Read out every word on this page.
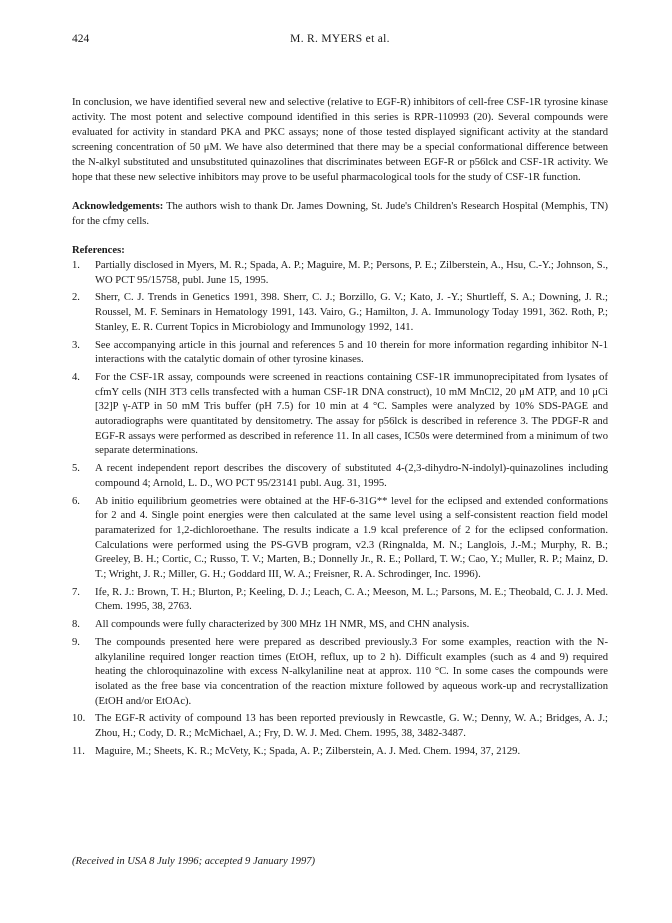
424	M. R. MYERS et al.

In conclusion, we have identified several new and selective (relative to EGF-R) inhibitors of cell-free CSF-1R tyrosine kinase activity. The most potent and selective compound identified in this series is RPR-110993 (20). Several compounds were evaluated for activity in standard PKA and PKC assays; none of those tested displayed significant activity at the standard screening concentration of 50 μM. We have also determined that there may be a special conformational difference between the N-alkyl substituted and unsubstituted quinazolines that discriminates between EGF-R or p56lck and CSF-1R activity. We hope that these new selective inhibitors may prove to be useful pharmacological tools for the study of CSF-1R function.

Acknowledgements: The authors wish to thank Dr. James Downing, St. Jude's Children's Research Hospital (Memphis, TN) for the cfmy cells.

References:
1. Partially disclosed in Myers, M. R.; Spada, A. P.; Maguire, M. P.; Persons, P. E.; Zilberstein, A., Hsu, C.-Y.; Johnson, S., WO PCT 95/15758, publ. June 15, 1995.
2. Sherr, C. J. Trends in Genetics 1991, 398. Sherr, C. J.; Borzillo, G. V.; Kato, J. -Y.; Shurtleff, S. A.; Downing, J. R.; Roussel, M. F. Seminars in Hematology 1991, 143. Vairo, G.; Hamilton, J. A. Immunology Today 1991, 362. Roth, P.; Stanley, E. R. Current Topics in Microbiology and Immunology 1992, 141.
3. See accompanying article in this journal and references 5 and 10 therein for more information regarding inhibitor N-1 interactions with the catalytic domain of other tyrosine kinases.
4. For the CSF-1R assay, compounds were screened in reactions containing CSF-1R immunoprecipitated from lysates of cfmY cells (NIH 3T3 cells transfected with a human CSF-1R DNA construct), 10 mM MnCl2, 20 μM ATP, and 10 μCi [32]P γ-ATP in 50 mM Tris buffer (pH 7.5) for 10 min at 4 °C. Samples were analyzed by 10% SDS-PAGE and autoradiographs were quantitated by densitometry. The assay for p56lck is described in reference 3. The PDGF-R and EGF-R assays were performed as described in reference 11. In all cases, IC50s were determined from a minimum of two separate determinations.
5. A recent independent report describes the discovery of substituted 4-(2,3-dihydro-N-indolyl)-quinazolines including compound 4; Arnold, L. D., WO PCT 95/23141 publ. Aug. 31, 1995.
6. Ab initio equilibrium geometries were obtained at the HF-6-31G** level for the eclipsed and extended conformations for 2 and 4. Single point energies were then calculated at the same level using a self-consistent reaction field model paramaterized for 1,2-dichloroethane. The results indicate a 1.9 kcal preference of 2 for the eclipsed conformation. Calculations were performed using the PS-GVB program, v2.3 (Ringnalda, M. N.; Langlois, J.-M.; Murphy, R. B.; Greeley, B. H.; Cortic, C.; Russo, T. V.; Marten, B.; Donnelly Jr., R. E.; Pollard, T. W.; Cao, Y.; Muller, R. P.; Mainz, D. T.; Wright, J. R.; Miller, G. H.; Goddard III, W. A.; Freisner, R. A. Schrodinger, Inc. 1996).
7. Ife, R. J.: Brown, T. H.; Blurton, P.; Keeling, D. J.; Leach, C. A.; Meeson, M. L.; Parsons, M. E.; Theobald, C. J. J. Med. Chem. 1995, 38, 2763.
8. All compounds were fully characterized by 300 MHz 1H NMR, MS, and CHN analysis.
9. The compounds presented here were prepared as described previously.3 For some examples, reaction with the N-alkylaniline required longer reaction times (EtOH, reflux, up to 2 h). Difficult examples (such as 4 and 9) required heating the chloroquinazoline with excess N-alkylaniline neat at approx. 110 °C. In some cases the compounds were isolated as the free base via concentration of the reaction mixture followed by aqueous work-up and recrystallization (EtOH and/or EtOAc).
10. The EGF-R activity of compound 13 has been reported previously in Rewcastle, G. W.; Denny, W. A.; Bridges, A. J.; Zhou, H.; Cody, D. R.; McMichael, A.; Fry, D. W. J. Med. Chem. 1995, 38, 3482-3487.
11. Maguire, M.; Sheets, K. R.; McVety, K.; Spada, A. P.; Zilberstein, A. J. Med. Chem. 1994, 37, 2129.
(Received in USA 8 July 1996; accepted 9 January 1997)
